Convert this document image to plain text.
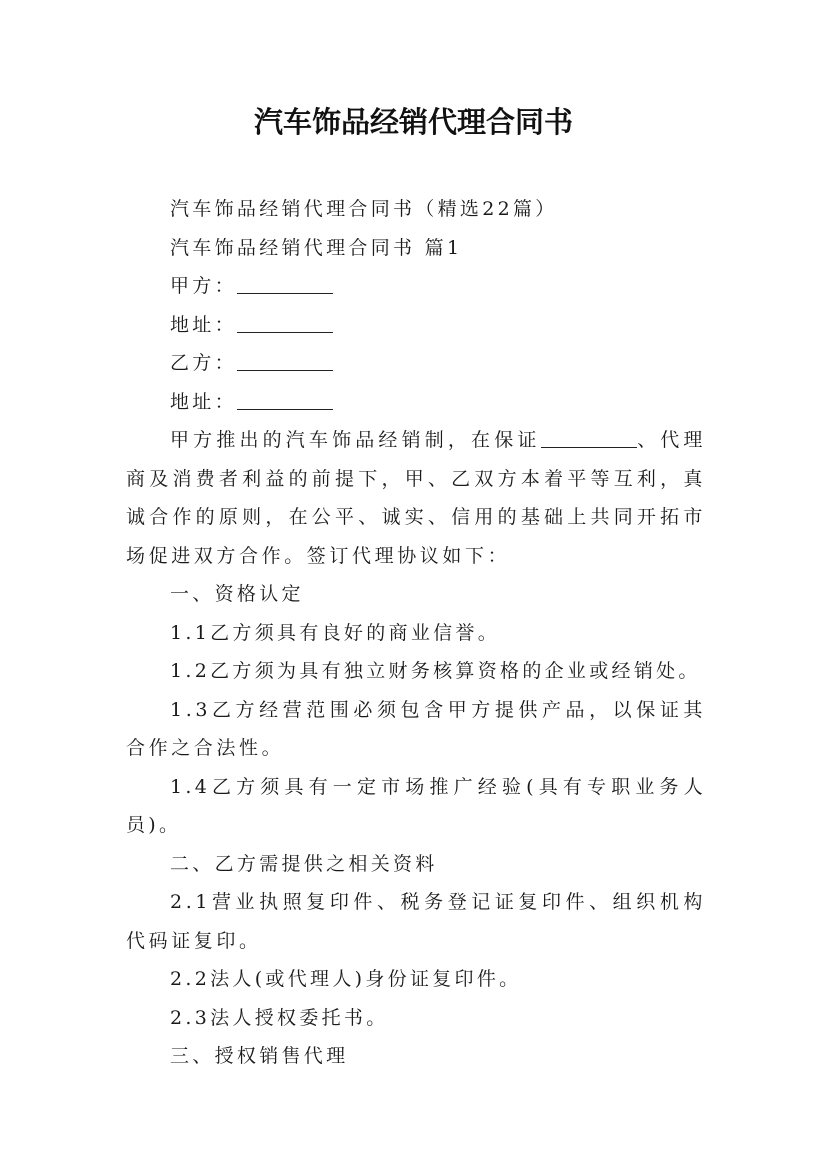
汽车饰品经销代理合同书

汽车饰品经销代理合同书（精选22篇）

汽车饰品经销代理合同书 篇1

甲方：

地址：

乙方：

地址：

甲方推出的汽车饰品经销制，在保证	、代理商及消费者利益的前提下，甲、乙双方本着平等互利，真诚合作的原则，在公平、诚实、信用的基础上共同开拓市场促进双方合作。签订代理协议如下：

一、资格认定

1.1乙方须具有良好的商业信誉。

1.2乙方须为具有独立财务核算资格的企业或经销处。

1.3乙方经营范围必须包含甲方提供产品，以保证其合作之合法性。

1.4乙方须具有一定市场推广经验(具有专职业务人员)。

二、乙方需提供之相关资料

2.1营业执照复印件、税务登记证复印件、组织机构代码证复印。

2.2法人(或代理人)身份证复印件。

2.3法人授权委托书。

三、授权销售代理
